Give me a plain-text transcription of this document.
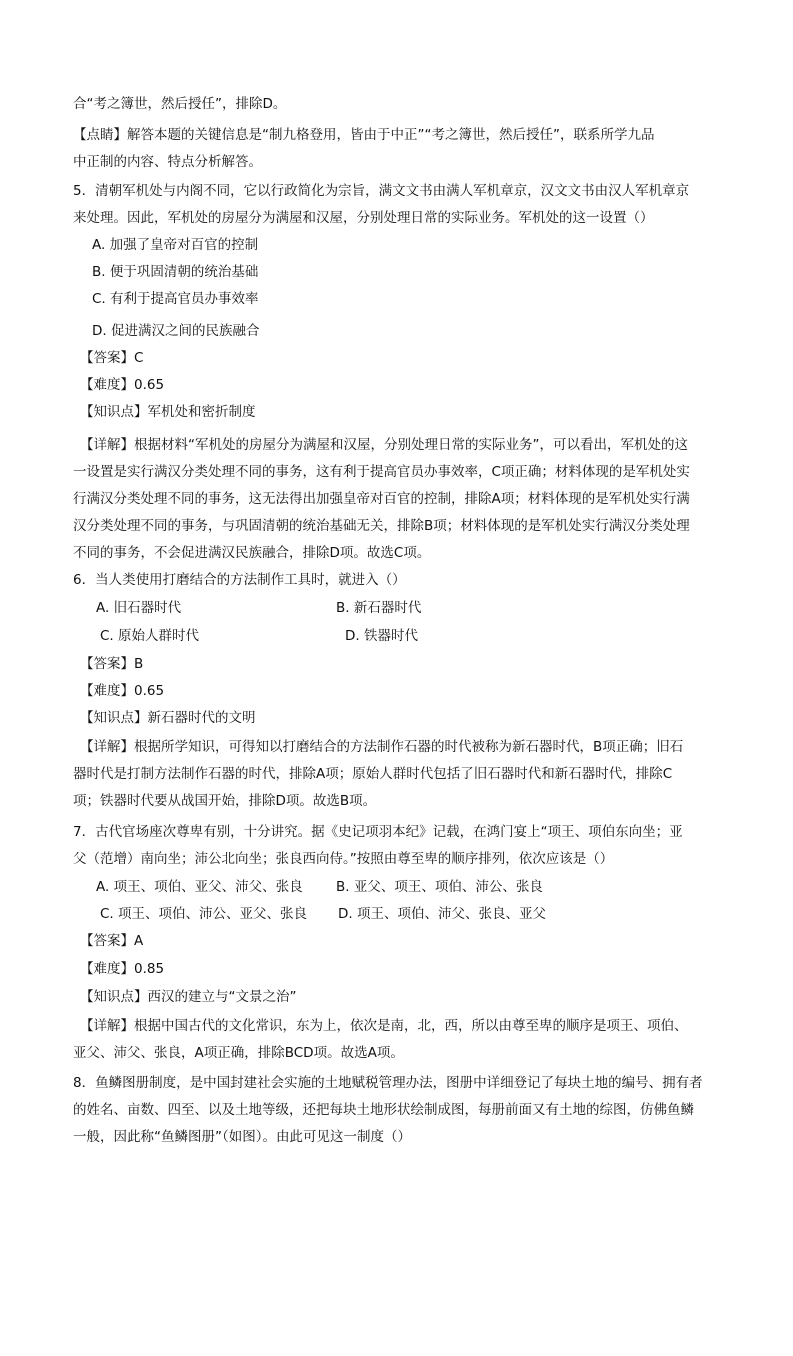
合“考之簿世，然后授任”，排除D。
【点睛】解答本题的关键信息是“制九格登用，皆由于中正”“考之簿世，然后授任”，联系所学九品
中正制的内容、特点分析解答。
5．清朝军机处与内阁不同，它以行政简化为宗旨，满文文书由满人军机章京，汉文文书由汉人军机章京
来处理。因此，军机处的房屋分为满屋和汉屋，分别处理日常的实际业务。军机处的这一设置（）
A. 加强了皇帝对百官的控制
B. 便于巩固清朝的统治基础
C. 有利于提高官员办事效率
D. 促进满汉之间的民族融合
【答案】C
【难度】0.65
【知识点】军机处和密折制度
【详解】根据材料“军机处的房屋分为满屋和汉屋，分别处理日常的实际业务”，可以看出，军机处的这
一设置是实行满汉分类处理不同的事务，这有利于提高官员办事效率，C项正确；材料体现的是军机处实
行满汉分类处理不同的事务，这无法得出加强皇帝对百官的控制，排除A项；材料体现的是军机处实行满
汉分类处理不同的事务，与巩固清朝的统治基础无关，排除B项；材料体现的是军机处实行满汉分类处理
不同的事务，不会促进满汉民族融合，排除D项。故选C项。
6．当人类使用打磨结合的方法制作工具时，就进入（）
A. 旧石器时代	B. 新石器时代
C. 原始人群时代	D. 铁器时代
【答案】B
【难度】0.65
【知识点】新石器时代的文明
【详解】根据所学知识，可得知以打磨结合的方法制作石器的时代被称为新石器时代，B项正确；旧石
器时代是打制方法制作石器的时代，排除A项；原始人群时代包括了旧石器时代和新石器时代，排除C
项；铁器时代要从战国开始，排除D项。故选B项。
7．古代官场座次尊卑有别，十分讲究。据《史记项羽本纪》记载，在鸿门宴上“项王、项伯东向坐；亚
父（范增）南向坐；沛公北向坐；张良西向侍。”按照由尊至卑的顺序排列，依次应该是（）
A. 项王、项伯、亚父、沛父、张良 B. 亚父、项王、项伯、沛公、张良
C. 项王、项伯、沛公、亚父、张良 D. 项王、项伯、沛父、张良、亚父
【答案】A
【难度】0.85
【知识点】西汉的建立与“文景之治”
【详解】根据中国古代的文化常识，东为上，依次是南，北，西，所以由尊至卑的顺序是项王、项伯、
亚父、沛父、张良，A项正确，排除BCD项。故选A项。
8．鱼鳞图册制度，是中国封建社会实施的土地赋税管理办法，图册中详细登记了每块土地的编号、拥有者
的姓名、亩数、四至、以及土地等级，还把每块土地形状绘制成图，每册前面又有土地的综图，仿佛鱼鳞
一般，因此称“鱼鳞图册”（如图）。由此可见这一制度（）
